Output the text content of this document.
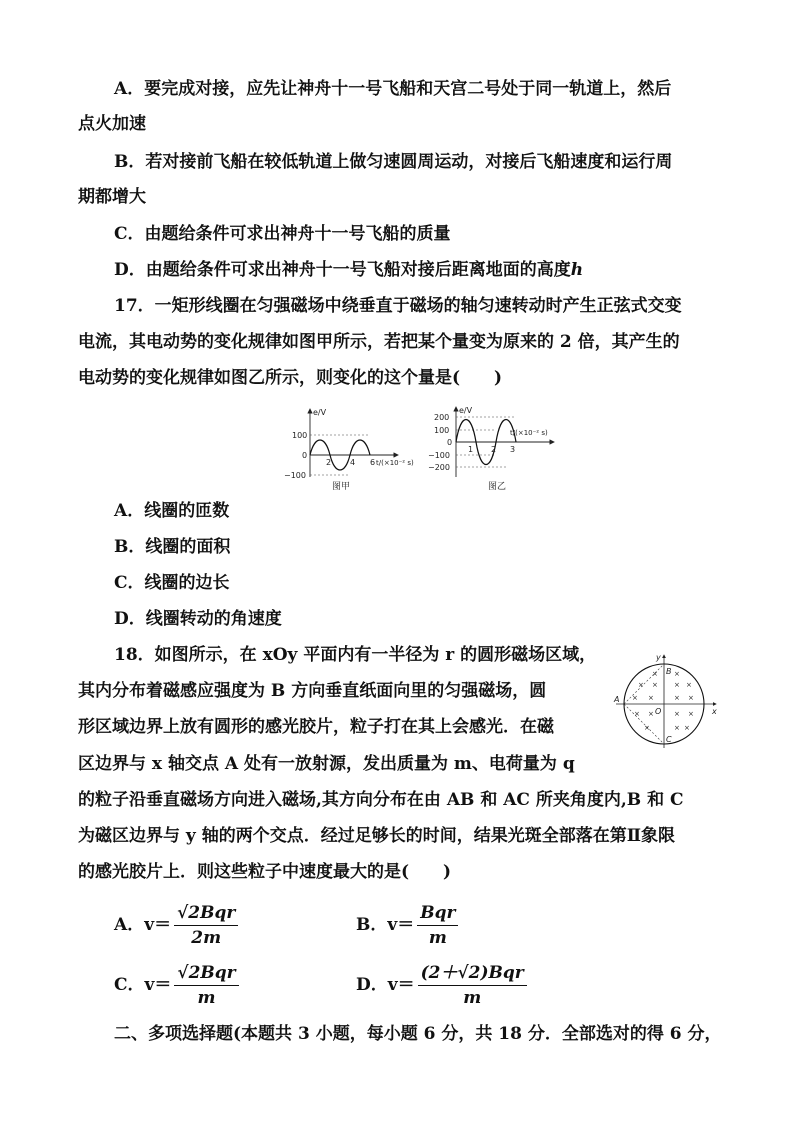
A．要完成对接，应先让神舟十一号飞船和天宫二号处于同一轨道上，然后
点火加速
B．若对接前飞船在较低轨道上做匀速圆周运动，对接后飞船速度和运行周
期都增大
C．由题给条件可求出神舟十一号飞船的质量
D．由题给条件可求出神舟十一号飞船对接后距离地面的高度h
17．一矩形线圈在匀强磁场中绕垂直于磁场的轴匀速转动时产生正弦式交变
电流，其电动势的变化规律如图甲所示，若把某个量变为原来的 2 倍，其产生的
电动势的变化规律如图乙所示，则变化的这个量是(　　)
e/V
100
0
−100
2 4 6 t/(×10⁻² s)
图甲
e/V
200
100
0
−100
−200
1 2 3
t/(×10⁻² s)
图乙
A．线圈的匝数
B．线圈的面积
C．线圈的边长
D．线圈转动的角速度
18．如图所示，在 xOy 平面内有一半径为 r 的圆形磁场区域，
其内分布着磁感应强度为 B 方向垂直纸面向里的匀强磁场，圆
形区域边界上放有圆形的感光胶片，粒子打在其上会感光．在磁
区边界与 x 轴交点 A 处有一放射源，发出质量为 m、电荷量为 q
的粒子沿垂直磁场方向进入磁场,其方向分布在由 AB 和 AC 所夹角度内,B 和 C
为磁区边界与 y 轴的两个交点．经过足够长的时间，结果光斑全部落在第Ⅱ象限
的感光胶片上．则这些粒子中速度最大的是(　　)
× × × ×
× ×	× ×
× ×	× ×
×	× ×
× ×
y
x
A
B
O
C
A．$v= \frac{\text{√2Bqr}}{2m}$	B．$v= \frac{\text{Bqr}}{m}$
C．$v= \frac{\text{√2Bqr}}{m}$	D．$v= \frac{\text{(2＋√2)Bqr}}{m}$
二、多项选择题(本题共 3 小题，每小题 6 分，共 18 分．全部选对的得 6 分，
